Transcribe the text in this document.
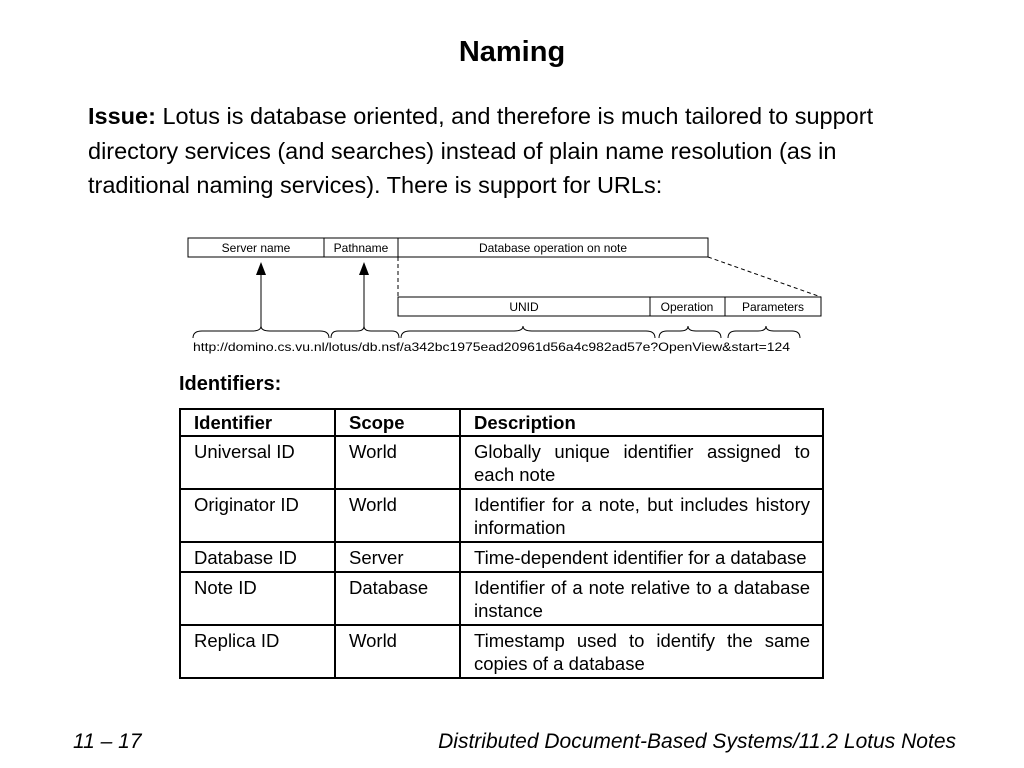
Naming
Issue: Lotus is database oriented, and therefore is much tailored to support directory services (and searches) instead of plain name resolution (as in traditional naming services). There is support for URLs:
Server name	Pathname	Database operation on note
UNID	Operation Parameters
http://domino.cs.vu.nl/lotus/db.nsf/a342bc1975ead20961d56a4c982ad57e?OpenView&start=124
Identifiers:
Identifier	Scope	Description
Universal ID	World	Globally unique identifier assigned to each note
Originator ID	World	Identifier for a note, but includes history information
Database ID	Server	Time-dependent identifier for a database
Note ID	Database	Identifier of a note relative to a database instance
Replica ID	World	Timestamp used to identify the same copies of a database
11 – 17	Distributed Document-Based Systems/11.2 Lotus Notes
